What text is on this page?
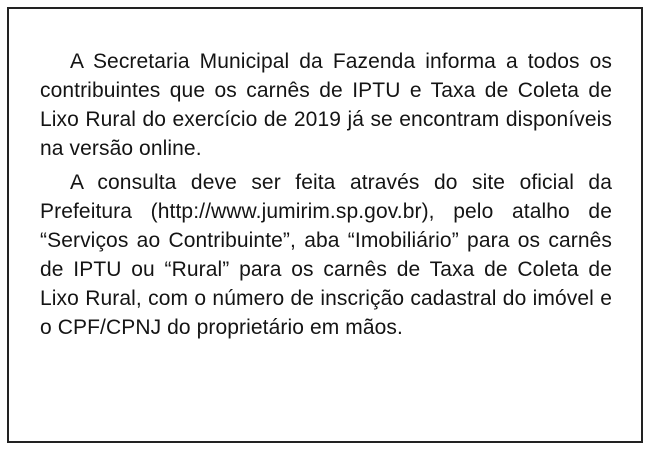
A Secretaria Municipal da Fazenda informa a todos os contribuintes que os carnês de IPTU e Taxa de Coleta de Lixo Rural do exercício de 2019 já se encontram disponíveis na versão online.

A consulta deve ser feita através do site oficial da Prefeitura (http://www.jumirim.sp.gov.br), pelo atalho de “Serviços ao Contribuinte”, aba “Imobiliário” para os carnês de IPTU ou “Rural” para os carnês de Taxa de Coleta de Lixo Rural, com o número de inscrição cadastral do imóvel e o CPF/CPNJ do proprietário em mãos.
